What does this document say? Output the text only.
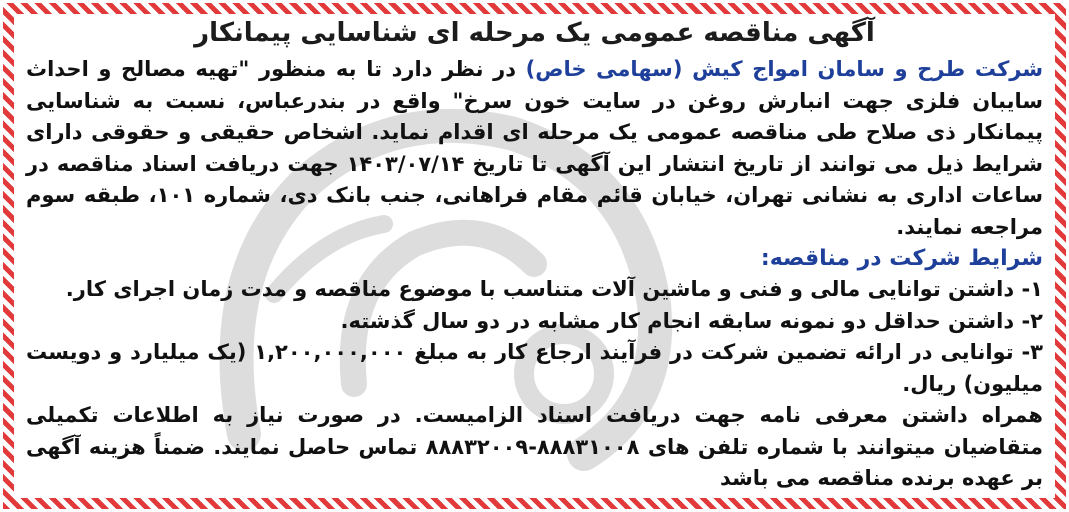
آگهی مناقصه عمومی یک مرحله ای شناسایی پیمانکار

شرکت طرح و سامان امواج کیش (سهامی خاص) در نظر دارد تا به منظور "تهیه مصالح و احداث سایبان فلزی جهت انبارش روغن در سایت خون سرخ" واقع در بندرعباس، نسبت به شناسایی پیمانکار ذی صلاح طی مناقصه عمومی یک مرحله ای اقدام نماید. اشخاص حقیقی و حقوقی دارای شرایط ذیل می توانند از تاریخ انتشار این آگهی تا تاریخ ۱۴۰۳/۰۷/۱۴ جهت دریافت اسناد مناقصه در ساعات اداری به نشانی تهران، خیابان قائم مقام فراهانی، جنب بانک دی، شماره ۱۰۱، طبقه سوم مراجعه نمایند.

شرایط شرکت در مناقصه:

۱- داشتن توانایی مالی و فنی و ماشین آلات متناسب با موضوع مناقصه و مدت زمان اجرای کار.

۲- داشتن حداقل دو نمونه سابقه انجام کار مشابه در دو سال گذشته.

۳- توانایی در ارائه تضمین شرکت در فرآیند ارجاع کار به مبلغ ۱,۲۰۰,۰۰۰,۰۰۰ (یک میلیارد و دویست میلیون) ریال.

همراه داشتن معرفی نامه جهت دریافت اسناد الزامیست. در صورت نیاز به اطلاعات تکمیلی متقاضیان میتوانند با شماره تلفن های ۸۸۸۳۱۰۰۸-۸۸۸۳۲۰۰۹ تماس حاصل نمایند. ضمناً هزینه آگهی بر عهده برنده مناقصه می باشد
